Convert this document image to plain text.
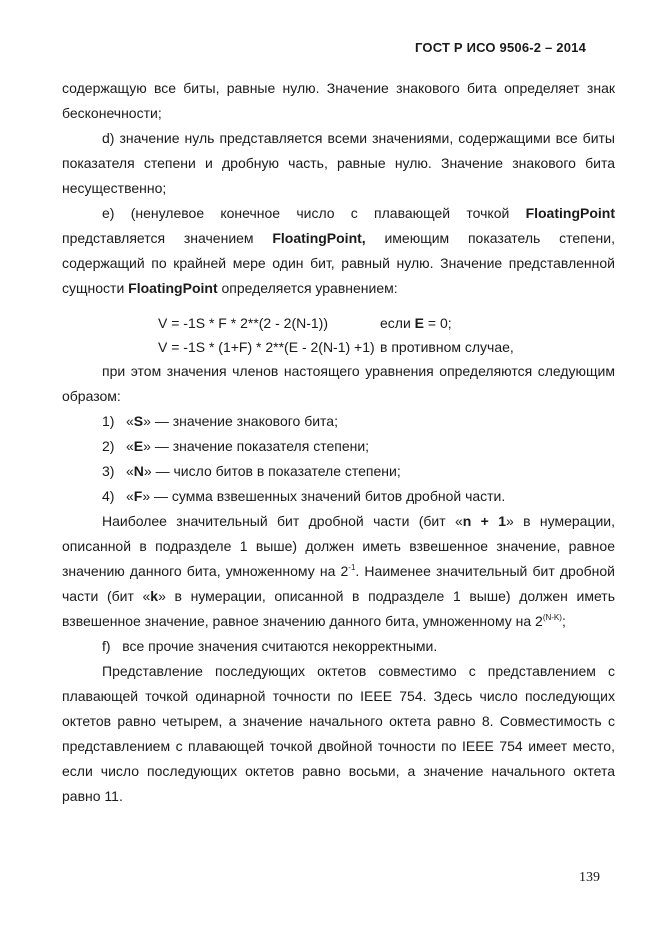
ГОСТ Р ИСО 9506-2 – 2014

содержащую все биты, равные нулю. Значение знакового бита определяет знак бесконечности;

d) значение нуль представляется всеми значениями, содержащими все биты показателя степени и дробную часть, равные нулю. Значение знакового бита несущественно;

e) (ненулевое конечное число с плавающей точкой FloatingPoint представляется значением FloatingPoint, имеющим показатель степени, содержащий по крайней мере один бит, равный нулю. Значение представленной сущности FloatingPoint определяется уравнением:

V = -1S * F * 2**(2 - 2(N-1))	если E = 0;
V = -1S * (1+F) * 2**(E - 2(N-1) +1) в противном случае,

при этом значения членов настоящего уравнения определяются следующим образом:

1) «S» — значение знакового бита;
2) «E» — значение показателя степени;
3) «N» — число битов в показателе степени;
4) «F» — сумма взвешенных значений битов дробной части.

Наиболее значительный бит дробной части (бит «n + 1» в нумерации, описанной в подразделе 1 выше) должен иметь взвешенное значение, равное значению данного бита, умноженному на $2^{-1}$. Наименее значительный бит дробной части (бит «k» в нумерации, описанной в подразделе 1 выше) должен иметь взвешенное значение, равное значению данного бита, умноженному на $2^{(N-K)}$;

f)   все прочие значения считаются некорректными.

Представление последующих октетов совместимо с представлением с плавающей точкой одинарной точности по IEEE 754. Здесь число последующих октетов равно четырем, а значение начального октета равно 8. Совместимость с представлением с плавающей точкой двойной точности по IEEE 754 имеет место, если число последующих октетов равно восьми, а значение начального октета равно 11.

139
